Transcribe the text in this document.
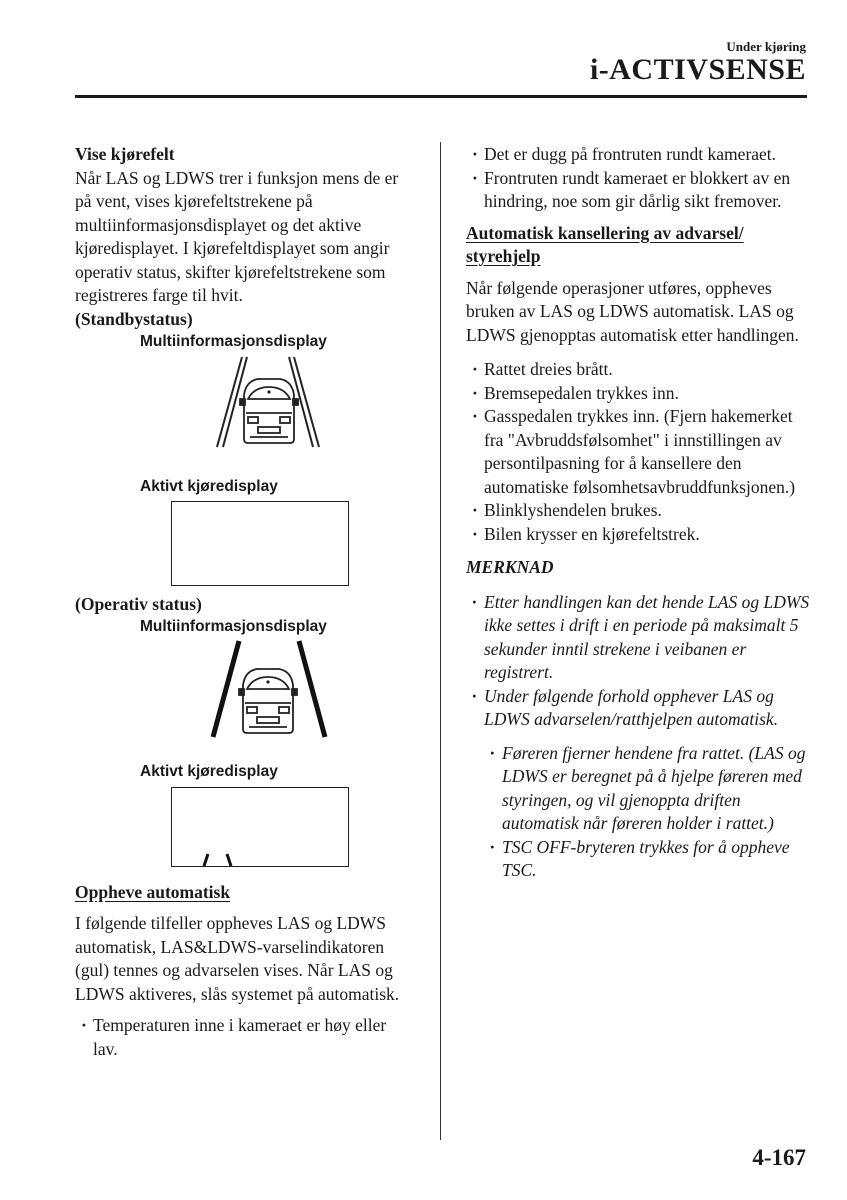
Under kjøring
i-ACTIVSENSE
Vise kjørefelt
Når LAS og LDWS trer i funksjon mens de er på vent, vises kjørefeltstrekene på multiinformasjonsdisplayet og det aktive kjøredisplayet. I kjørefeltdisplayet som angir operativ status, skifter kjørefeltstrekene som registreres farge til hvit.
(Standbystatus)
Multiinformasjonsdisplay
Aktivt kjøredisplay
(Operativ status)
Multiinformasjonsdisplay
Aktivt kjøredisplay
Oppheve automatisk
I følgende tilfeller oppheves LAS og LDWS automatisk, LAS&LDWS-varselindikatoren (gul) tennes og advarselen vises. Når LAS og LDWS aktiveres, slås systemet på automatisk.
· Temperaturen inne i kameraet er høy eller lav.
· Det er dugg på frontruten rundt kameraet.
· Frontruten rundt kameraet er blokkert av en hindring, noe som gir dårlig sikt fremover.
Automatisk kansellering av advarsel/ styrehjelp
Når følgende operasjoner utføres, oppheves bruken av LAS og LDWS automatisk. LAS og LDWS gjenopptas automatisk etter handlingen.
· Rattet dreies brått.
· Bremsepedalen trykkes inn.
· Gasspedalen trykkes inn. (Fjern hakemerket fra "Avbruddsfølsomhet" i innstillingen av persontilpasning for å kansellere den automatiske følsomhetsavbruddfunksjonen.)
· Blinklyshendelen brukes.
· Bilen krysser en kjørefeltstrek.
MERKNAD
· Etter handlingen kan det hende LAS og LDWS ikke settes i drift i en periode på maksimalt 5 sekunder inntil strekene i veibanen er registrert.
· Under følgende forhold opphever LAS og LDWS advarselen/ratthjelpen automatisk.
· Føreren fjerner hendene fra rattet. (LAS og LDWS er beregnet på å hjelpe føreren med styringen, og vil gjenoppta driften automatisk når føreren holder i rattet.)
· TSC OFF-bryteren trykkes for å oppheve TSC.
4-167
